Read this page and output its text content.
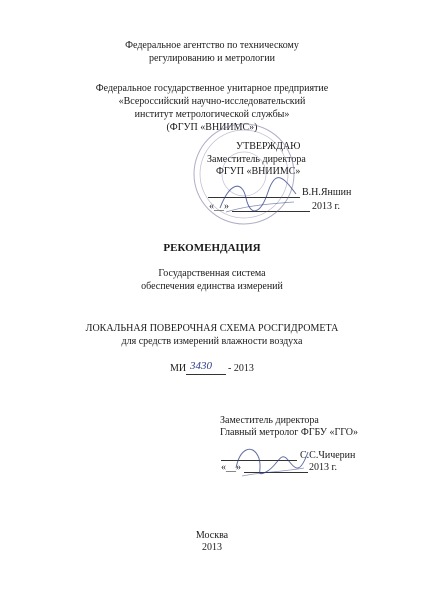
Федеральное агентство по техническому
регулированию и метрологии
Федеральное государственное унитарное предприятие
«Всероссийский научно-исследовательский
институт метрологической службы»
(ФГУП «ВНИИМС»)
УТВЕРЖДАЮ
Заместитель директора
ФГУП «ВНИИМС»
В.Н.Яншин
«__»	2013 г.
РЕКОМЕНДАЦИЯ
Государственная система
обеспечения единства измерений
ЛОКАЛЬНАЯ ПОВЕРОЧНАЯ СХЕМА РОСГИДРОМЕТА
для средств измерений влажности воздуха
МИ 3430 - 2013
Заместитель директора
Главный метролог ФГБУ «ГГО»
С.С.Чичерин
«__»	2013 г.
Москва
2013
